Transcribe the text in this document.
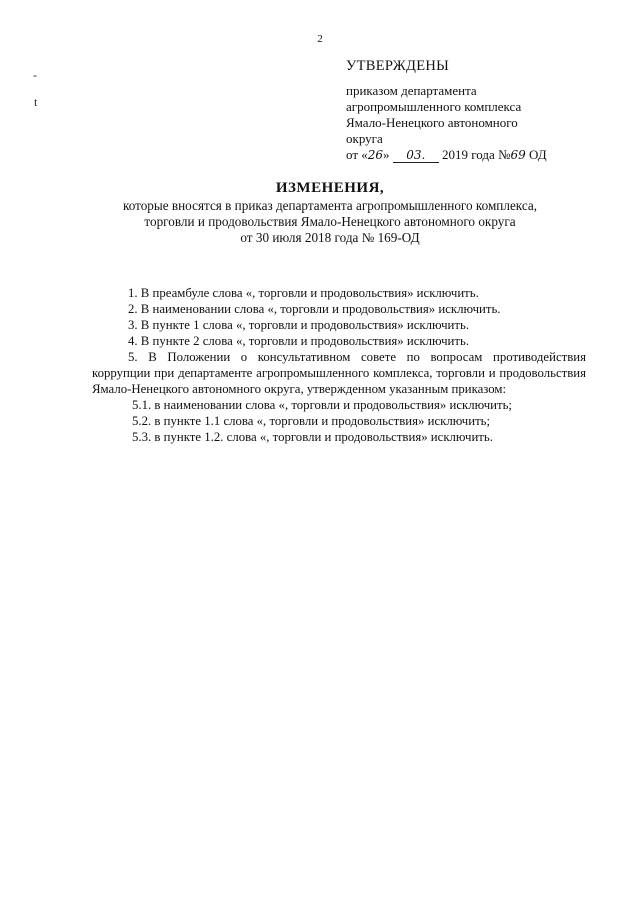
2
-
t
УТВЕРЖДЕНЫ
приказом департамента
агропромышленного комплекса
Ямало-Ненецкого автономного
округа
от «26» 03. 2019 года №69 ОД
ИЗМЕНЕНИЯ,
которые вносятся в приказ департамента агропромышленного комплекса,
торговли и продовольствия Ямало-Ненецкого автономного округа
от 30 июля 2018 года № 169-ОД

1. В преамбуле слова «, торговли и продовольствия» исключить.

2. В наименовании слова «, торговли и продовольствия» исключить.

3. В пункте 1 слова «, торговли и продовольствия» исключить.

4. В пункте 2 слова «, торговли и продовольствия» исключить.

5. В Положении о консультативном совете по вопросам противодействия коррупции при департаменте агропромышленного комплекса, торговли и продовольствия Ямало-Ненецкого автономного округа, утвержденном указанным приказом:

5.1. в наименовании слова «, торговли и продовольствия» исключить;

5.2. в пункте 1.1 слова «, торговли и продовольствия» исключить;

5.3. в пункте 1.2. слова «, торговли и продовольствия» исключить.
